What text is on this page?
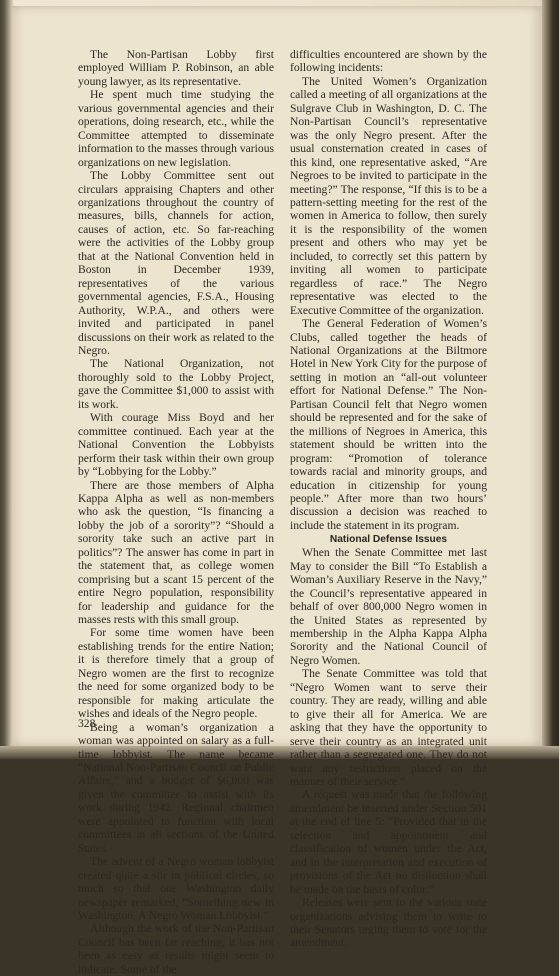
The Non-Partisan Lobby first employed William P. Robinson, an able young lawyer, as its representative.

He spent much time studying the various governmental agencies and their operations, doing research, etc., while the Committee attempted to disseminate information to the masses through various organizations on new legislation.

The Lobby Committee sent out circulars appraising Chapters and other organizations throughout the country of measures, bills, channels for action, causes of action, etc. So far-reaching were the activities of the Lobby group that at the National Convention held in Boston in December 1939, representatives of the various governmental agencies, F.S.A., Housing Authority, W.P.A., and others were invited and participated in panel discussions on their work as related to the Negro.

The National Organization, not thoroughly sold to the Lobby Project, gave the Committee $1,000 to assist with its work.

With courage Miss Boyd and her committee continued. Each year at the National Convention the Lobbyists perform their task within their own group by “Lobbying for the Lobby.”

There are those members of Alpha Kappa Alpha as well as non-members who ask the question, “Is financing a lobby the job of a sorority”? “Should a sorority take such an active part in politics”? The answer has come in part in the statement that, as college women comprising but a scant 15 percent of the entire Negro population, responsibility for leadership and guidance for the masses rests with this small group.

For some time women have been establishing trends for the entire Nation; it is therefore timely that a group of Negro women are the first to recognize the need for some organized body to be responsible for making articulate the wishes and ideals of the Negro people.

Being a woman’s organization a woman was appointed on salary as a full-time lobbyist. The name became “National Non-Partisan Council on Public Affairs,” and a budget of $6,000 was given the committee to assist with its work during 1942. Regional chairmen were appointed to function with local committees in all sections of the United States.

The advent of a Negro woman lobbyist created quite a stir in political circles, so much so that one Washington daily newspaper remarked, “Something new in Washington, A Negro Woman Lobbyist.”

Although the work of the Non-Partisan Council has been far reaching, it has not been as easy as results might seem to indicate. Some of the

difficulties encountered are shown by the following incidents:

The United Women’s Organization called a meeting of all organizations at the Sulgrave Club in Washington, D. C. The Non-Partisan Council’s representative was the only Negro present. After the usual consternation created in cases of this kind, one representative asked, “Are Negroes to be invited to participate in the meeting?” The response, “If this is to be a pattern-setting meeting for the rest of the women in America to follow, then surely it is the responsibility of the women present and others who may yet be included, to correctly set this pattern by inviting all women to participate regardless of race.” The Negro representative was elected to the Executive Committee of the organization.

The General Federation of Women’s Clubs, called together the heads of National Organizations at the Biltmore Hotel in New York City for the purpose of setting in motion an “all-out volunteer effort for National Defense.” The Non-Partisan Council felt that Negro women should be represented and for the sake of the millions of Negroes in America, this statement should be written into the program: “Promotion of tolerance towards racial and minority groups, and education in citizenship for young people.” After more than two hours’ discussion a decision was reached to include the statement in its program.

National Defense Issues

When the Senate Committee met last May to consider the Bill “To Establish a Woman’s Auxiliary Reserve in the Navy,” the Council’s representative appeared in behalf of over 800,000 Negro women in the United States as represented by membership in the Alpha Kappa Alpha Sorority and the National Council of Negro Women.

The Senate Committee was told that “Negro Women want to serve their country. They are ready, willing and able to give their all for America. We are asking that they have the opportunity to serve their country as an integrated unit rather than a segregated one. They do not want any restrictions placed on the manner of their service.”

A request was made that the following amendment be inserted under Section 501 at the end of line 5: “Provided that in the selection and appointment and classification of women under the Act, and in the interpretation and execution of provisions of the Act no distinction shall be made on the basis of color.”

Releases were sent to the various state organizations advising them to write to their Senators urging them to vote for the amendment.

328
